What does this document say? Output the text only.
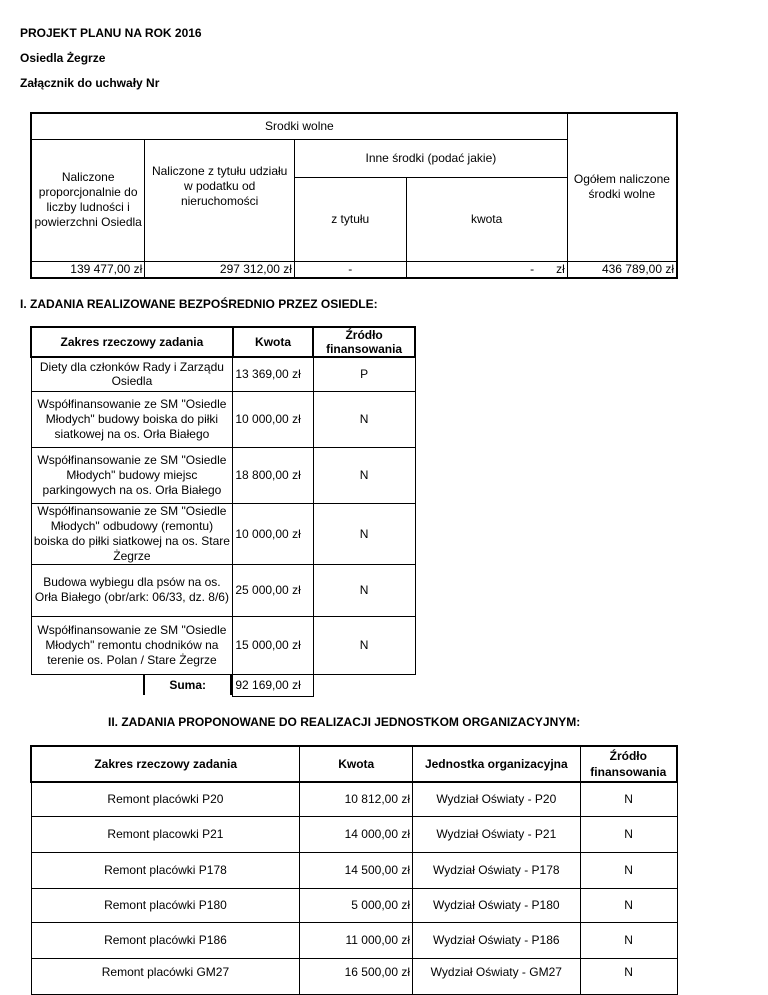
PROJEKT PLANU NA ROK 2016
Osiedla Żegrze
Załącznik do uchwały Nr
Srodki wolne				Ogółem naliczone środki wolne
Naliczone proporcjonalnie do liczby ludności i powierzchni Osiedla	Naliczone z tytułu udziału w podatku od nieruchomości	Inne środki (podać jakie)		
		z tytułu	kwota	
139 477,00 zł	297 312,00 zł	-	- zł	436 789,00 zł
I. ZADANIA REALIZOWANE BEZPOŚREDNIO PRZEZ OSIEDLE:
Zakres rzeczowy zadania	Kwota	Źródło finansowania
Diety dla członków Rady i Zarządu Osiedla	13 369,00 zł	P
Współfinansowanie ze SM "Osiedle Młodych" budowy boiska do piłki siatkowej na os. Orła Białego	10 000,00 zł	N
Współfinansowanie ze SM "Osiedle Młodych" budowy miejsc parkingowych na os. Orła Białego	18 800,00 zł	N
Współfinansowanie ze SM "Osiedle Młodych" odbudowy (remontu) boiska do piłki siatkowej na os. Stare Żegrze	10 000,00 zł	N
Budowa wybiegu dla psów na os. Orła Białego (obr/ark: 06/33, dz. 8/6)	25 000,00 zł	N
Współfinansowanie ze SM "Osiedle Młodych" remontu chodników na terenie os. Polan / Stare Żegrze	15 000,00 zł	N

Suma:	92 169,00 zł	
II. ZADANIA PROPONOWANE DO REALIZACJI JEDNOSTKOM ORGANIZACYJNYM:
Zakres rzeczowy zadania	Kwota	Jednostka organizacyjna	Źródło finansowania
Remont placówki P20	10 812,00 zł	Wydział Oświaty - P20	N
Remont placowki P21	14 000,00 zł	Wydział Oświaty - P21	N
Remont placówki P178	14 500,00 zł	Wydział Oświaty - P178	N
Remont placówki P180	5 000,00 zł	Wydział Oświaty - P180	N
Remont placówki P186	11 000,00 zł	Wydział Oświaty - P186	N
Remont placówki GM27	16 500,00 zł	Wydział Oświaty - GM27	N
